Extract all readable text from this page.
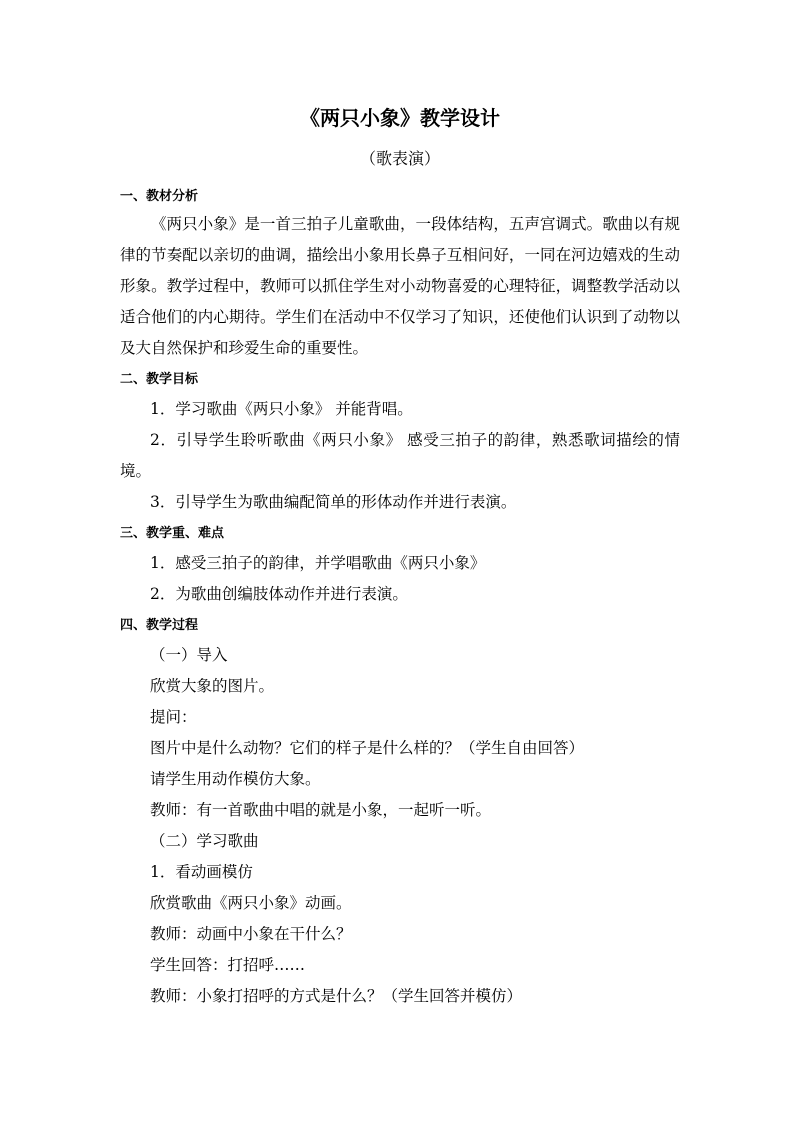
《两只小象》教学设计
（歌表演）
一、教材分析
《两只小象》是一首三拍子儿童歌曲，一段体结构，五声宫调式。歌曲以有规律的节奏配以亲切的曲调，描绘出小象用长鼻子互相问好，一同在河边嬉戏的生动形象。教学过程中，教师可以抓住学生对小动物喜爱的心理特征，调整教学活动以适合他们的内心期待。学生们在活动中不仅学习了知识，还使他们认识到了动物以及大自然保护和珍爱生命的重要性。
二、教学目标
1．学习歌曲《两只小象》 并能背唱。
2．引导学生聆听歌曲《两只小象》 感受三拍子的韵律，熟悉歌词描绘的情境。
3．引导学生为歌曲编配简单的形体动作并进行表演。
三、教学重、难点
1．感受三拍子的韵律，并学唱歌曲《两只小象》
2．为歌曲创编肢体动作并进行表演。
四、教学过程
（一）导入
欣赏大象的图片。
提问：
图片中是什么动物？它们的样子是什么样的？（学生自由回答）
请学生用动作模仿大象。
教师：有一首歌曲中唱的就是小象，一起听一听。
（二）学习歌曲
1．看动画模仿
欣赏歌曲《两只小象》动画。
教师：动画中小象在干什么？
学生回答：打招呼……
教师：小象打招呼的方式是什么？（学生回答并模仿）
